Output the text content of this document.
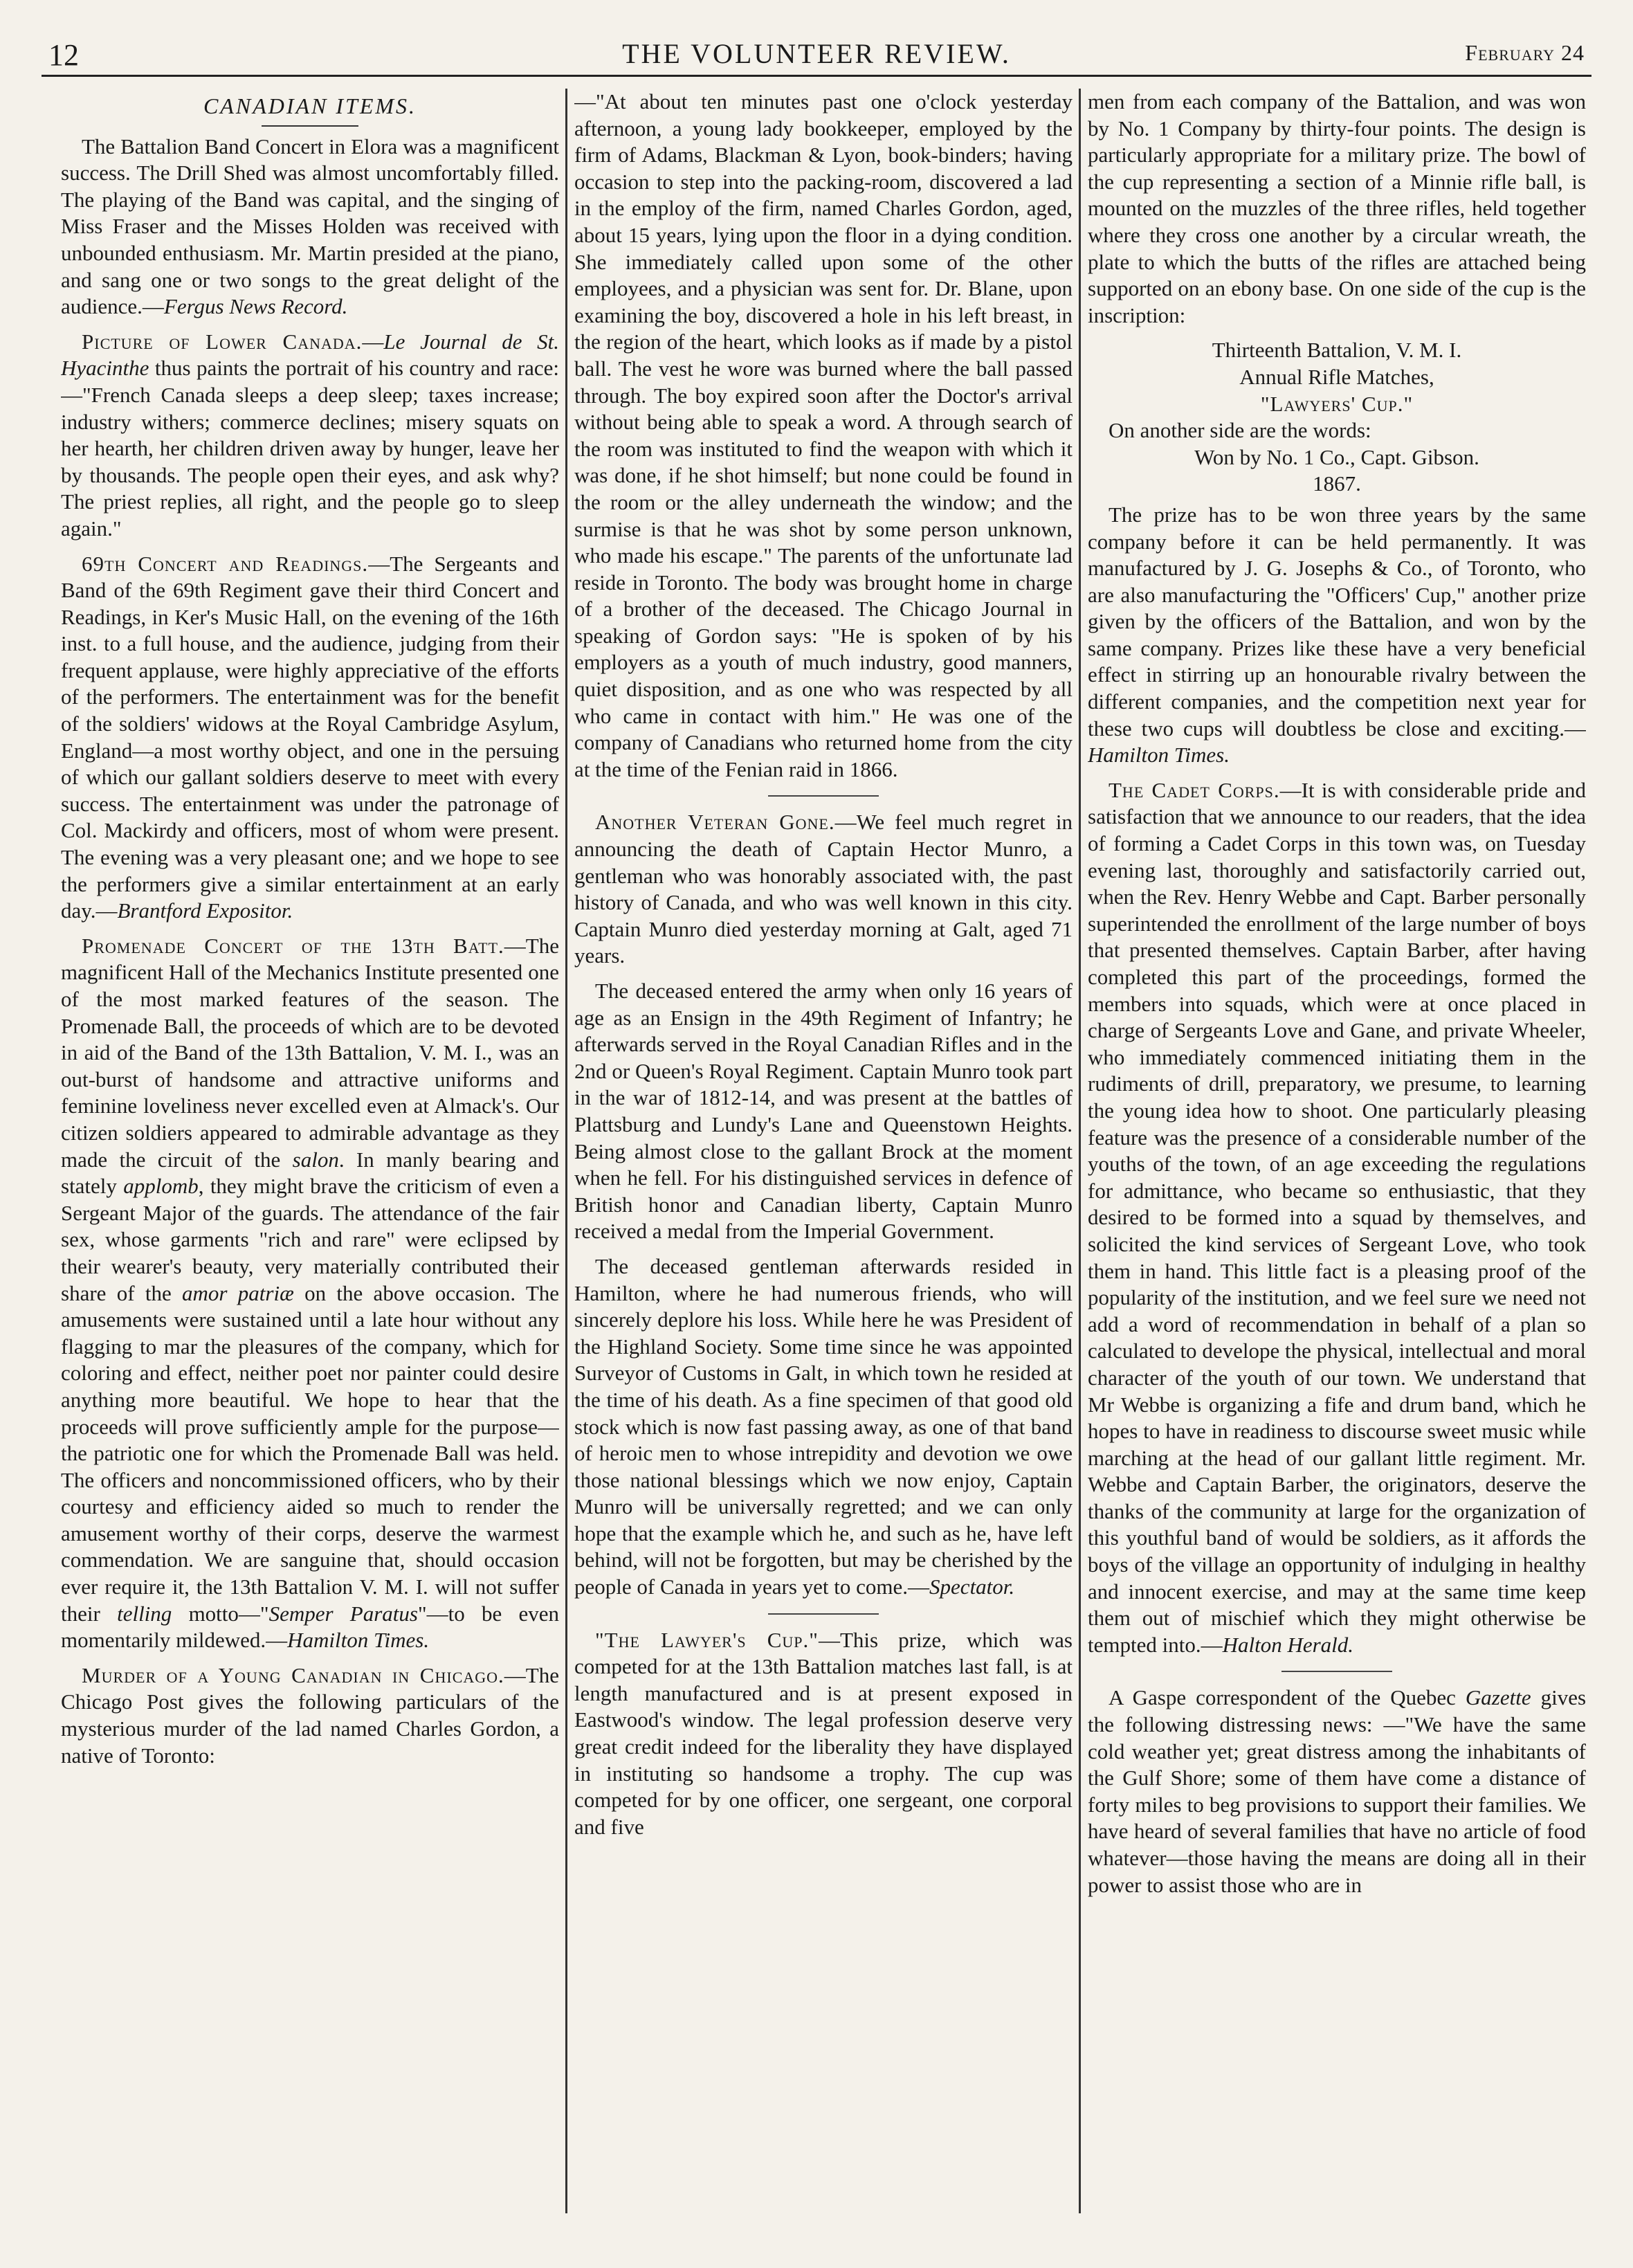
12	THE VOLUNTEER REVIEW.	February 24
CANADIAN ITEMS.

The Battalion Band Concert in Elora was a magnificent success. The Drill Shed was almost uncomfortably filled. The playing of the Band was capital, and the singing of Miss Fraser and the Misses Holden was received with unbounded enthusiasm. Mr. Martin presided at the piano, and sang one or two songs to the great delight of the audience.—Fergus News Record.

Picture of Lower Canada.—Le Journal de St. Hyacinthe thus paints the portrait of his country and race:—"French Canada sleeps a deep sleep; taxes increase; industry withers; commerce declines; misery squats on her hearth, her children driven away by hunger, leave her by thousands. The people open their eyes, and ask why? The priest replies, all right, and the people go to sleep again."

69th Concert and Readings.—The Sergeants and Band of the 69th Regiment gave their third Concert and Readings, in Ker's Music Hall, on the evening of the 16th inst. to a full house, and the audience, judging from their frequent applause, were highly appreciative of the efforts of the performers. The entertainment was for the benefit of the soldiers' widows at the Royal Cambridge Asylum, England—a most worthy object, and one in the persuing of which our gallant soldiers deserve to meet with every success. The entertainment was under the patronage of Col. Mackirdy and officers, most of whom were present. The evening was a very pleasant one; and we hope to see the performers give a similar entertainment at an early day.—Brantford Expositor.

Promenade Concert of the 13th Batt.—The magnificent Hall of the Mechanics Institute presented one of the most marked features of the season. The Promenade Ball, the proceeds of which are to be devoted in aid of the Band of the 13th Battalion, V. M. I., was an out-burst of handsome and attractive uniforms and feminine loveliness never excelled even at Almack's. Our citizen soldiers appeared to admirable advantage as they made the circuit of the salon. In manly bearing and stately applomb, they might brave the criticism of even a Sergeant Major of the guards. The attendance of the fair sex, whose garments "rich and rare" were eclipsed by their wearer's beauty, very materially contributed their share of the amor patriæ on the above occasion. The amusements were sustained until a late hour without any flagging to mar the pleasures of the company, which for coloring and effect, neither poet nor painter could desire anything more beautiful. We hope to hear that the proceeds will prove sufficiently ample for the purpose—the patriotic one for which the Promenade Ball was held. The officers and noncommissioned officers, who by their courtesy and efficiency aided so much to render the amusement worthy of their corps, deserve the warmest commendation. We are sanguine that, should occasion ever require it, the 13th Battalion V. M. I. will not suffer their telling motto—"Semper Paratus"—to be even momentarily mildewed.—Hamilton Times.

Murder of a Young Canadian in Chicago.—The Chicago Post gives the following particulars of the mysterious murder of the lad named Charles Gordon, a native of Toronto:

—"At about ten minutes past one o'clock yesterday afternoon, a young lady bookkeeper, employed by the firm of Adams, Blackman & Lyon, book-binders; having occasion to step into the packing-room, discovered a lad in the employ of the firm, named Charles Gordon, aged, about 15 years, lying upon the floor in a dying condition. She immediately called upon some of the other employees, and a physician was sent for. Dr. Blane, upon examining the boy, discovered a hole in his left breast, in the region of the heart, which looks as if made by a pistol ball. The vest he wore was burned where the ball passed through. The boy expired soon after the Doctor's arrival without being able to speak a word. A through search of the room was instituted to find the weapon with which it was done, if he shot himself; but none could be found in the room or the alley underneath the window; and the surmise is that he was shot by some person unknown, who made his escape." The parents of the unfortunate lad reside in Toronto. The body was brought home in charge of a brother of the deceased. The Chicago Journal in speaking of Gordon says: "He is spoken of by his employers as a youth of much industry, good manners, quiet disposition, and as one who was respected by all who came in contact with him." He was one of the company of Canadians who returned home from the city at the time of the Fenian raid in 1866.

Another Veteran Gone.—We feel much regret in announcing the death of Captain Hector Munro, a gentleman who was honorably associated with, the past history of Canada, and who was well known in this city. Captain Munro died yesterday morning at Galt, aged 71 years.

The deceased entered the army when only 16 years of age as an Ensign in the 49th Regiment of Infantry; he afterwards served in the Royal Canadian Rifles and in the 2nd or Queen's Royal Regiment. Captain Munro took part in the war of 1812-14, and was present at the battles of Plattsburg and Lundy's Lane and Queenstown Heights. Being almost close to the gallant Brock at the moment when he fell. For his distinguished services in defence of British honor and Canadian liberty, Captain Munro received a medal from the Imperial Government.

The deceased gentleman afterwards resided in Hamilton, where he had numerous friends, who will sincerely deplore his loss. While here he was President of the Highland Society. Some time since he was appointed Surveyor of Customs in Galt, in which town he resided at the time of his death. As a fine specimen of that good old stock which is now fast passing away, as one of that band of heroic men to whose intrepidity and devotion we owe those national blessings which we now enjoy, Captain Munro will be universally regretted; and we can only hope that the example which he, and such as he, have left behind, will not be forgotten, but may be cherished by the people of Canada in years yet to come.—Spectator.

"The Lawyer's Cup."—This prize, which was competed for at the 13th Battalion matches last fall, is at length manufactured and is at present exposed in Eastwood's window. The legal profession deserve very great credit indeed for the liberality they have displayed in instituting so handsome a trophy. The cup was competed for by one officer, one sergeant, one corporal and five

men from each company of the Battalion, and was won by No. 1 Company by thirty-four points. The design is particularly appropriate for a military prize. The bowl of the cup representing a section of a Minnie rifle ball, is mounted on the muzzles of the three rifles, held together where they cross one another by a circular wreath, the plate to which the butts of the rifles are attached being supported on an ebony base. On one side of the cup is the inscription:

Thirteenth Battalion, V. M. I.

Annual Rifle Matches,

"Lawyers' Cup."

On another side are the words:

Won by No. 1 Co., Capt. Gibson.

1867.

The prize has to be won three years by the same company before it can be held permanently. It was manufactured by J. G. Josephs & Co., of Toronto, who are also manufacturing the "Officers' Cup," another prize given by the officers of the Battalion, and won by the same company. Prizes like these have a very beneficial effect in stirring up an honourable rivalry between the different companies, and the competition next year for these two cups will doubtless be close and exciting.—Hamilton Times.

The Cadet Corps.—It is with considerable pride and satisfaction that we announce to our readers, that the idea of forming a Cadet Corps in this town was, on Tuesday evening last, thoroughly and satisfactorily carried out, when the Rev. Henry Webbe and Capt. Barber personally superintended the enrollment of the large number of boys that presented themselves. Captain Barber, after having completed this part of the proceedings, formed the members into squads, which were at once placed in charge of Sergeants Love and Gane, and private Wheeler, who immediately commenced initiating them in the rudiments of drill, preparatory, we presume, to learning the young idea how to shoot. One particularly pleasing feature was the presence of a considerable number of the youths of the town, of an age exceeding the regulations for admittance, who became so enthusiastic, that they desired to be formed into a squad by themselves, and solicited the kind services of Sergeant Love, who took them in hand. This little fact is a pleasing proof of the popularity of the institution, and we feel sure we need not add a word of recommendation in behalf of a plan so calculated to develope the physical, intellectual and moral character of the youth of our town. We understand that Mr Webbe is organizing a fife and drum band, which he hopes to have in readiness to discourse sweet music while marching at the head of our gallant little regiment. Mr. Webbe and Captain Barber, the originators, deserve the thanks of the community at large for the organization of this youthful band of would be soldiers, as it affords the boys of the village an opportunity of indulging in healthy and innocent exercise, and may at the same time keep them out of mischief which they might otherwise be tempted into.—Halton Herald.

A Gaspe correspondent of the Quebec Gazette gives the following distressing news: —"We have the same cold weather yet; great distress among the inhabitants of the Gulf Shore; some of them have come a distance of forty miles to beg provisions to support their families. We have heard of several families that have no article of food whatever—those having the means are doing all in their power to assist those who are in
